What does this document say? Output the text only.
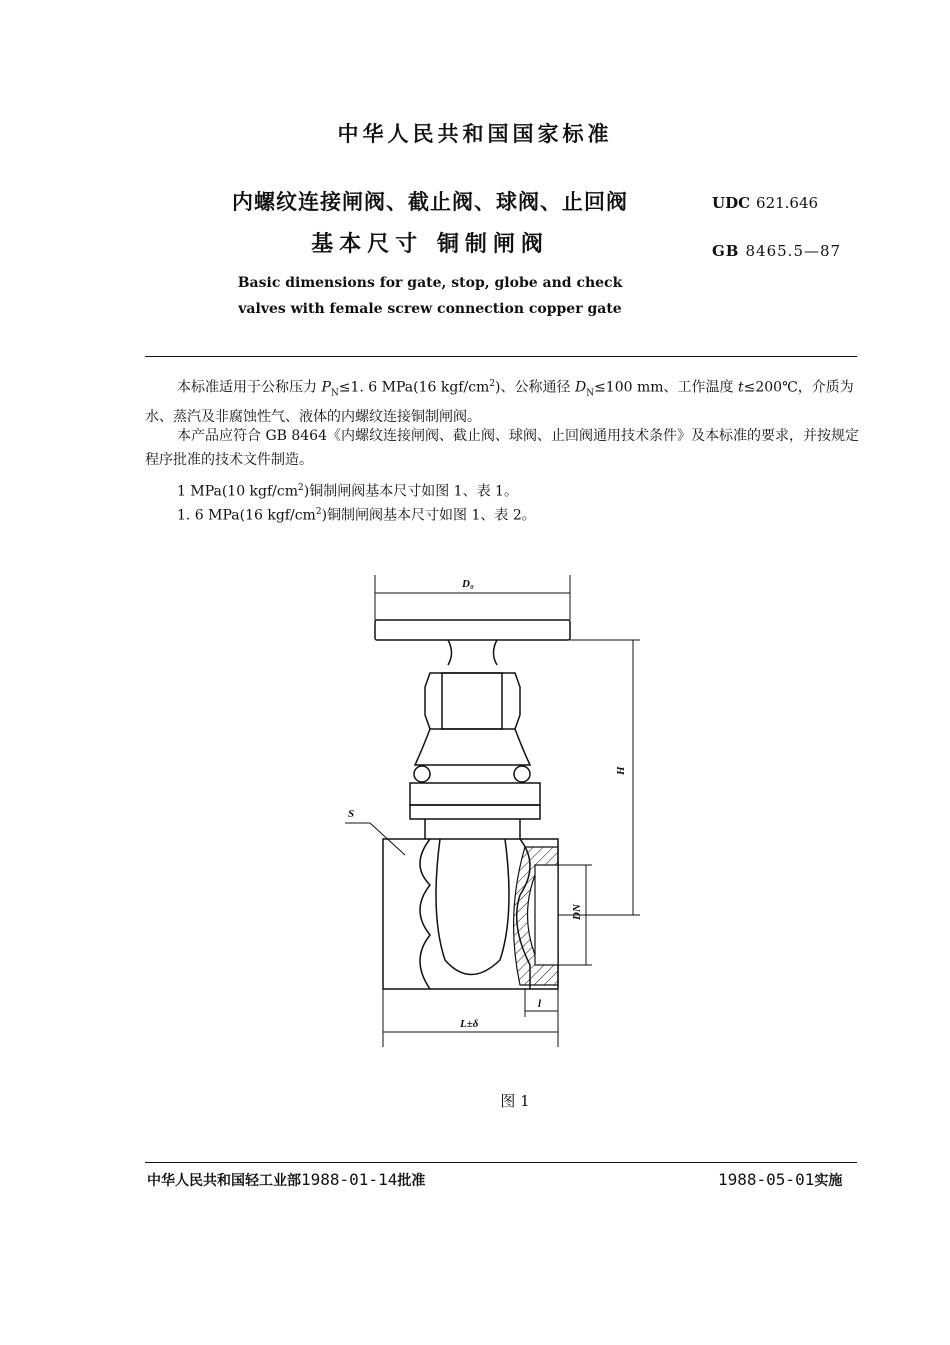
中华人民共和国国家标准
内螺纹连接闸阀、截止阀、球阀、止回阀
基本尺寸 铜制闸阀
UDC 621.646
GB 8465.5—87
Basic dimensions for gate, stop, globe and check
valves with female screw connection copper gate
本标准适用于公称压力 $P_N\le 1$. 6 MPa(16 kgf/$cm^2$)、公称通径 $D_N\le 100$ mm、工作温度 t≤200℃，介质为水、蒸汽及非腐蚀性气、液体的内螺纹连接铜制闸阀。
本产品应符合 GB 8464《内螺纹连接闸阀、截止阀、球阀、止回阀通用技术条件》及本标准的要求，并按规定程序批准的技术文件制造。
1 MPa(10 kgf/$cm^2$)铜制闸阀基本尺寸如图 1、表 1。
1. 6 MPa(16 kgf/$cm^2$)铜制闸阀基本尺寸如图 1、表 2。
D₀
H
S
DN
l
L±δ
图 1
中华人民共和国轻工业部1988-01-14批准	1988-05-01实施
